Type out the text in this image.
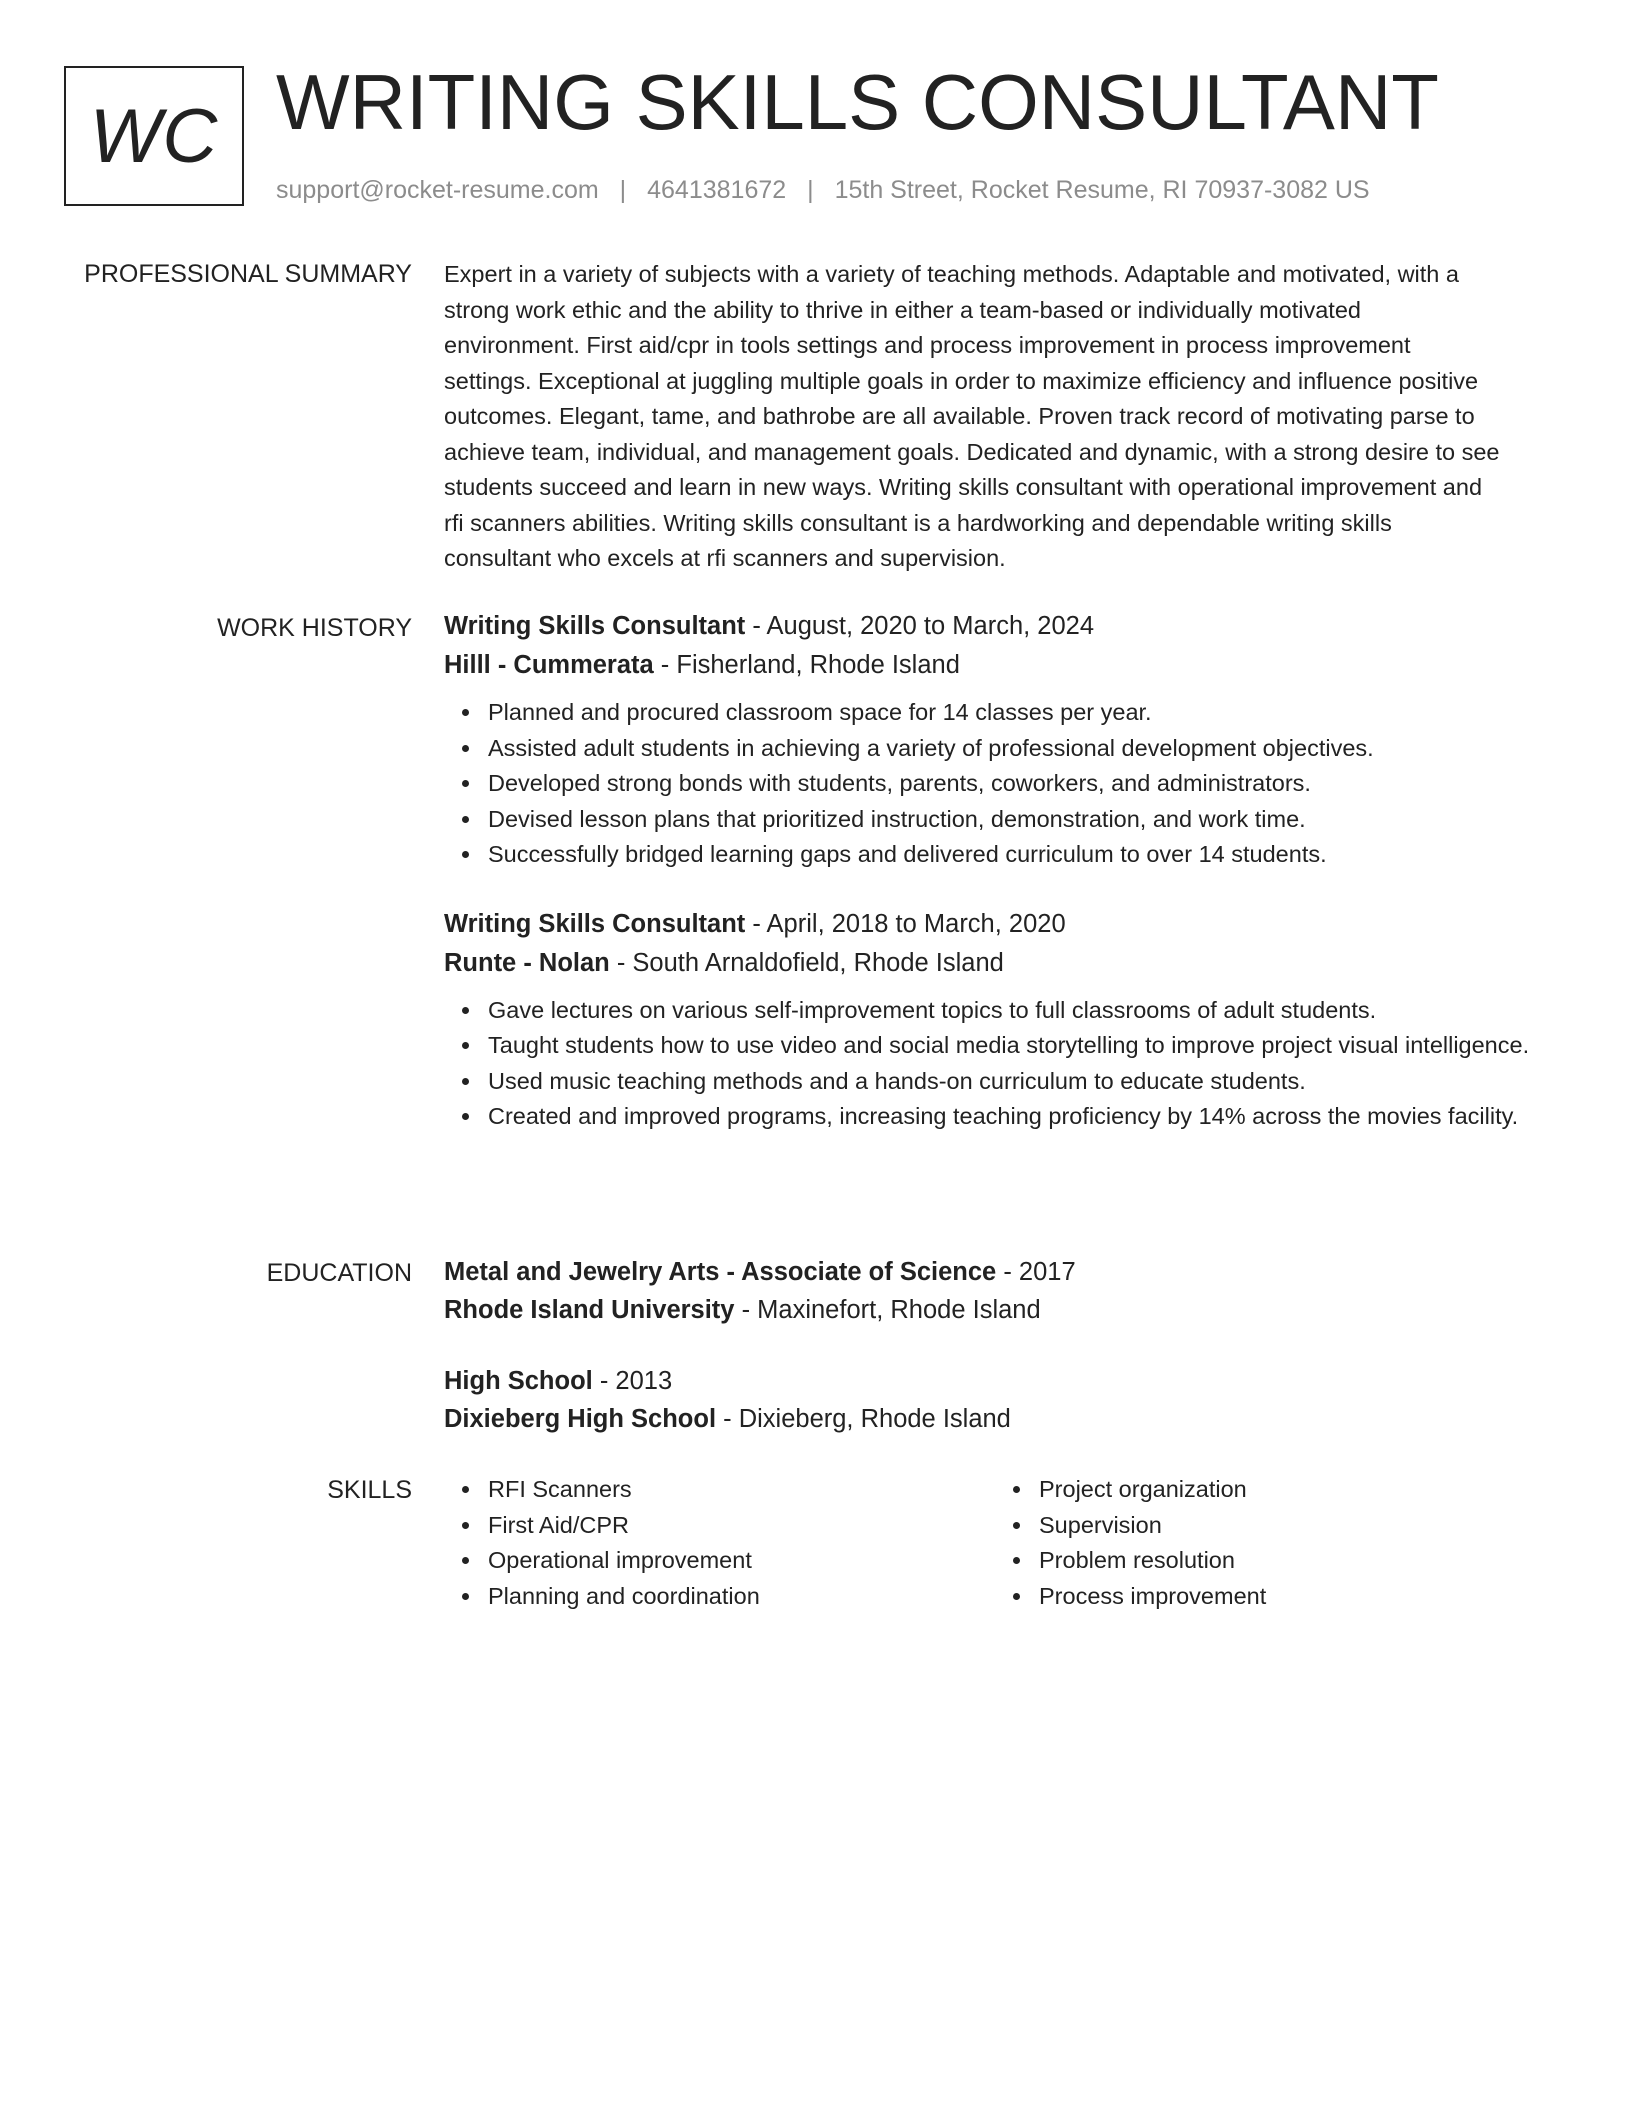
WC WRITING SKILLS CONSULTANT
support@rocket-resume.com | 4641381672 | 15th Street, Rocket Resume, RI 70937-3082 US
PROFESSIONAL SUMMARY Expert in a variety of subjects with a variety of teaching methods. Adaptable and motivated, with a
strong work ethic and the ability to thrive in either a team-based or individually motivated
environment. First aid/cpr in tools settings and process improvement in process improvement
settings. Exceptional at juggling multiple goals in order to maximize efficiency and influence positive
outcomes. Elegant, tame, and bathrobe are all available. Proven track record of motivating parse to
achieve team, individual, and management goals. Dedicated and dynamic, with a strong desire to see
students succeed and learn in new ways. Writing skills consultant with operational improvement and
rfi scanners abilities. Writing skills consultant is a hardworking and dependable writing skills
consultant who excels at rfi scanners and supervision.
WORK HISTORY Writing Skills Consultant - August, 2020 to March, 2024
Hilll - Cummerata - Fisherland, Rhode Island
Planned and procured classroom space for 14 classes per year.
Assisted adult students in achieving a variety of professional development objectives.
Developed strong bonds with students, parents, coworkers, and administrators.
Devised lesson plans that prioritized instruction, demonstration, and work time.
Successfully bridged learning gaps and delivered curriculum to over 14 students.
Writing Skills Consultant - April, 2018 to March, 2020
Runte - Nolan - South Arnaldofield, Rhode Island
Gave lectures on various self-improvement topics to full classrooms of adult students.
Taught students how to use video and social media storytelling to improve project visual intelligence.
Used music teaching methods and a hands-on curriculum to educate students.
Created and improved programs, increasing teaching proficiency by 14% across the movies facility.
EDUCATION Metal and Jewelry Arts - Associate of Science - 2017
Rhode Island University - Maxinefort, Rhode Island
High School - 2013
Dixieberg High School - Dixieberg, Rhode Island
SKILLS	RFI Scanners
First Aid/CPR
Operational improvement
Planning and coordination
Project organization
Supervision
Problem resolution
Process improvement
